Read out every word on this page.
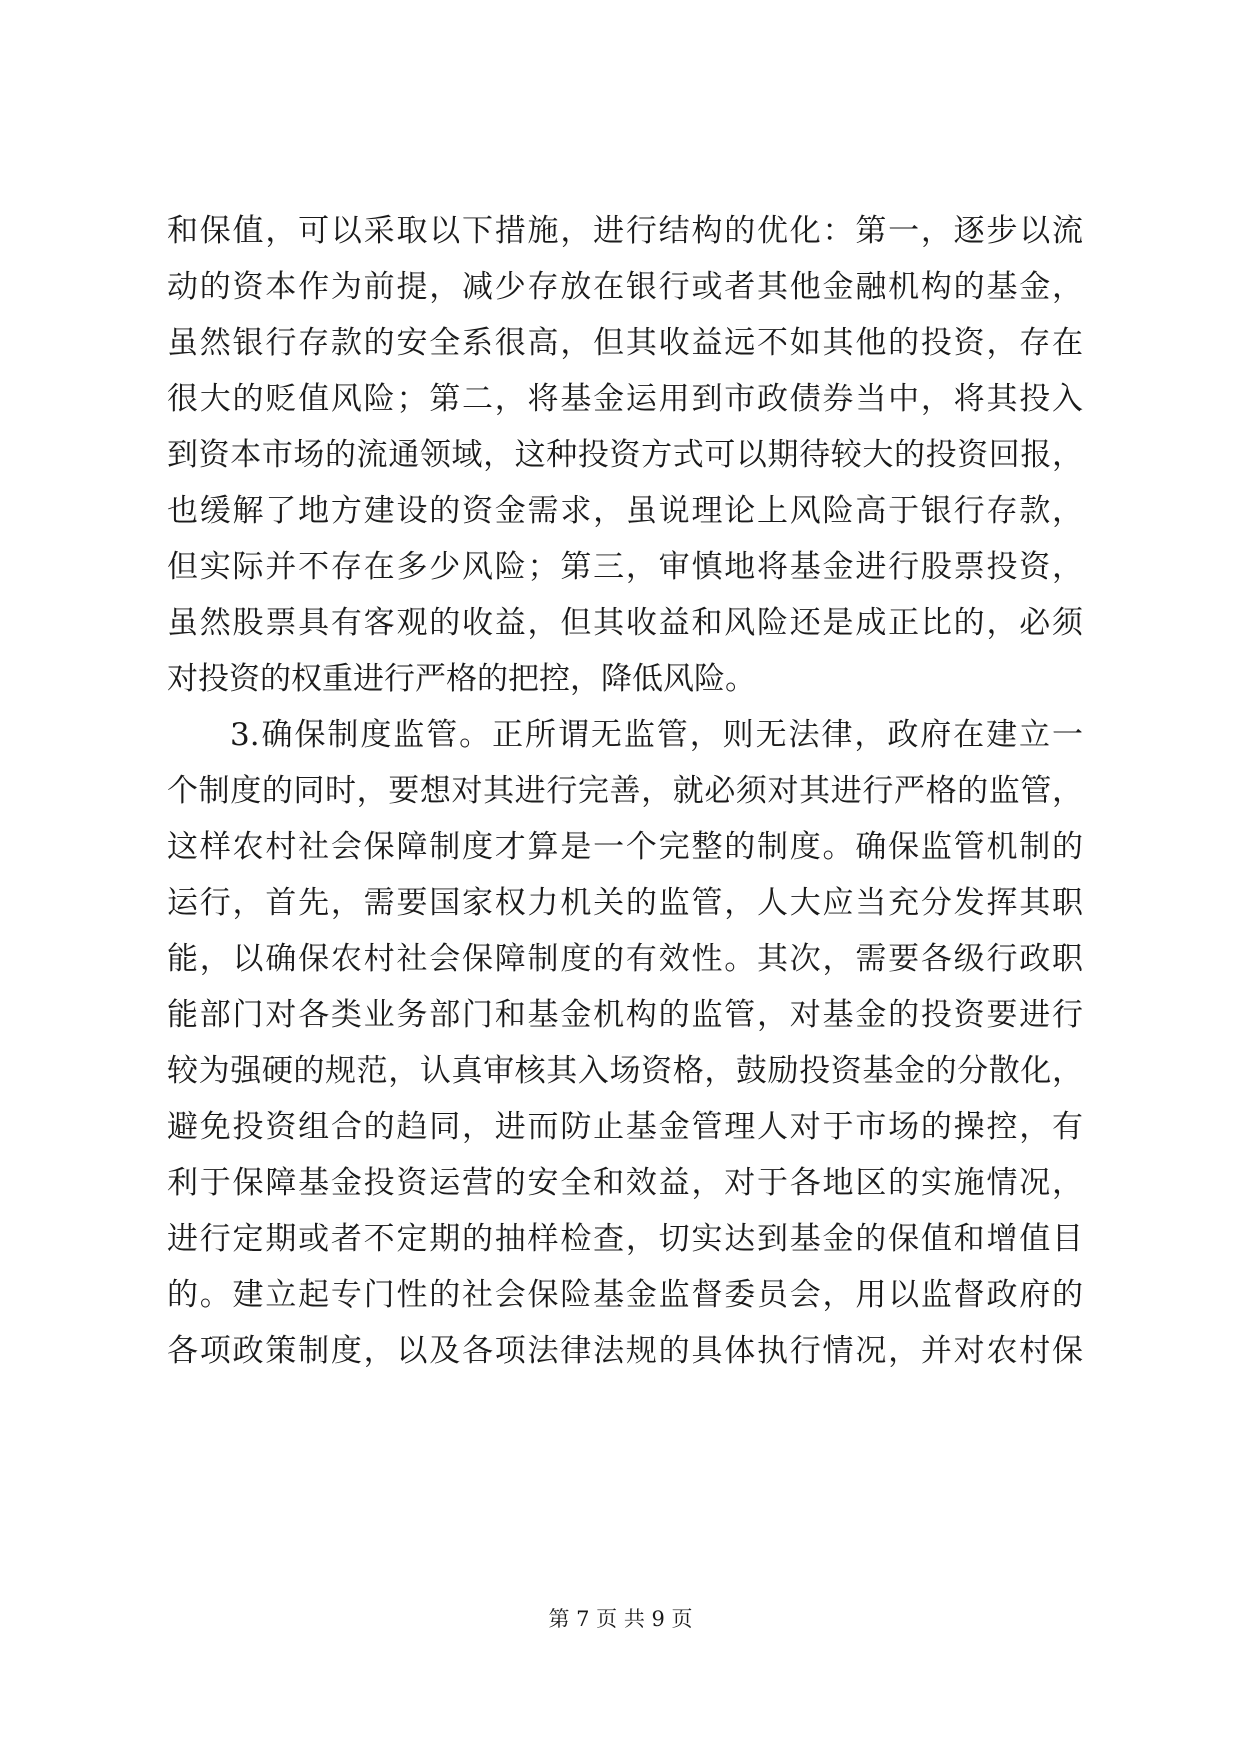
和保值，可以采取以下措施，进行结构的优化：第一，逐步以流
动的资本作为前提，减少存放在银行或者其他金融机构的基金，
虽然银行存款的安全系很高，但其收益远不如其他的投资，存在
很大的贬值风险；第二，将基金运用到市政债券当中，将其投入
到资本市场的流通领域，这种投资方式可以期待较大的投资回报，
也缓解了地方建设的资金需求，虽说理论上风险高于银行存款，
但实际并不存在多少风险；第三，审慎地将基金进行股票投资，
虽然股票具有客观的收益，但其收益和风险还是成正比的，必须
对投资的权重进行严格的把控，降低风险。
3.确保制度监管。正所谓无监管，则无法律，政府在建立一
个制度的同时，要想对其进行完善，就必须对其进行严格的监管，
这样农村社会保障制度才算是一个完整的制度。确保监管机制的
运行，首先，需要国家权力机关的监管，人大应当充分发挥其职
能，以确保农村社会保障制度的有效性。其次，需要各级行政职
能部门对各类业务部门和基金机构的监管，对基金的投资要进行
较为强硬的规范，认真审核其入场资格，鼓励投资基金的分散化，
避免投资组合的趋同，进而防止基金管理人对于市场的操控，有
利于保障基金投资运营的安全和效益，对于各地区的实施情况，
进行定期或者不定期的抽样检查，切实达到基金的保值和增值目
的。建立起专门性的社会保险基金监督委员会，用以监督政府的
各项政策制度，以及各项法律法规的具体执行情况，并对农村保
第 7 页 共 9 页
